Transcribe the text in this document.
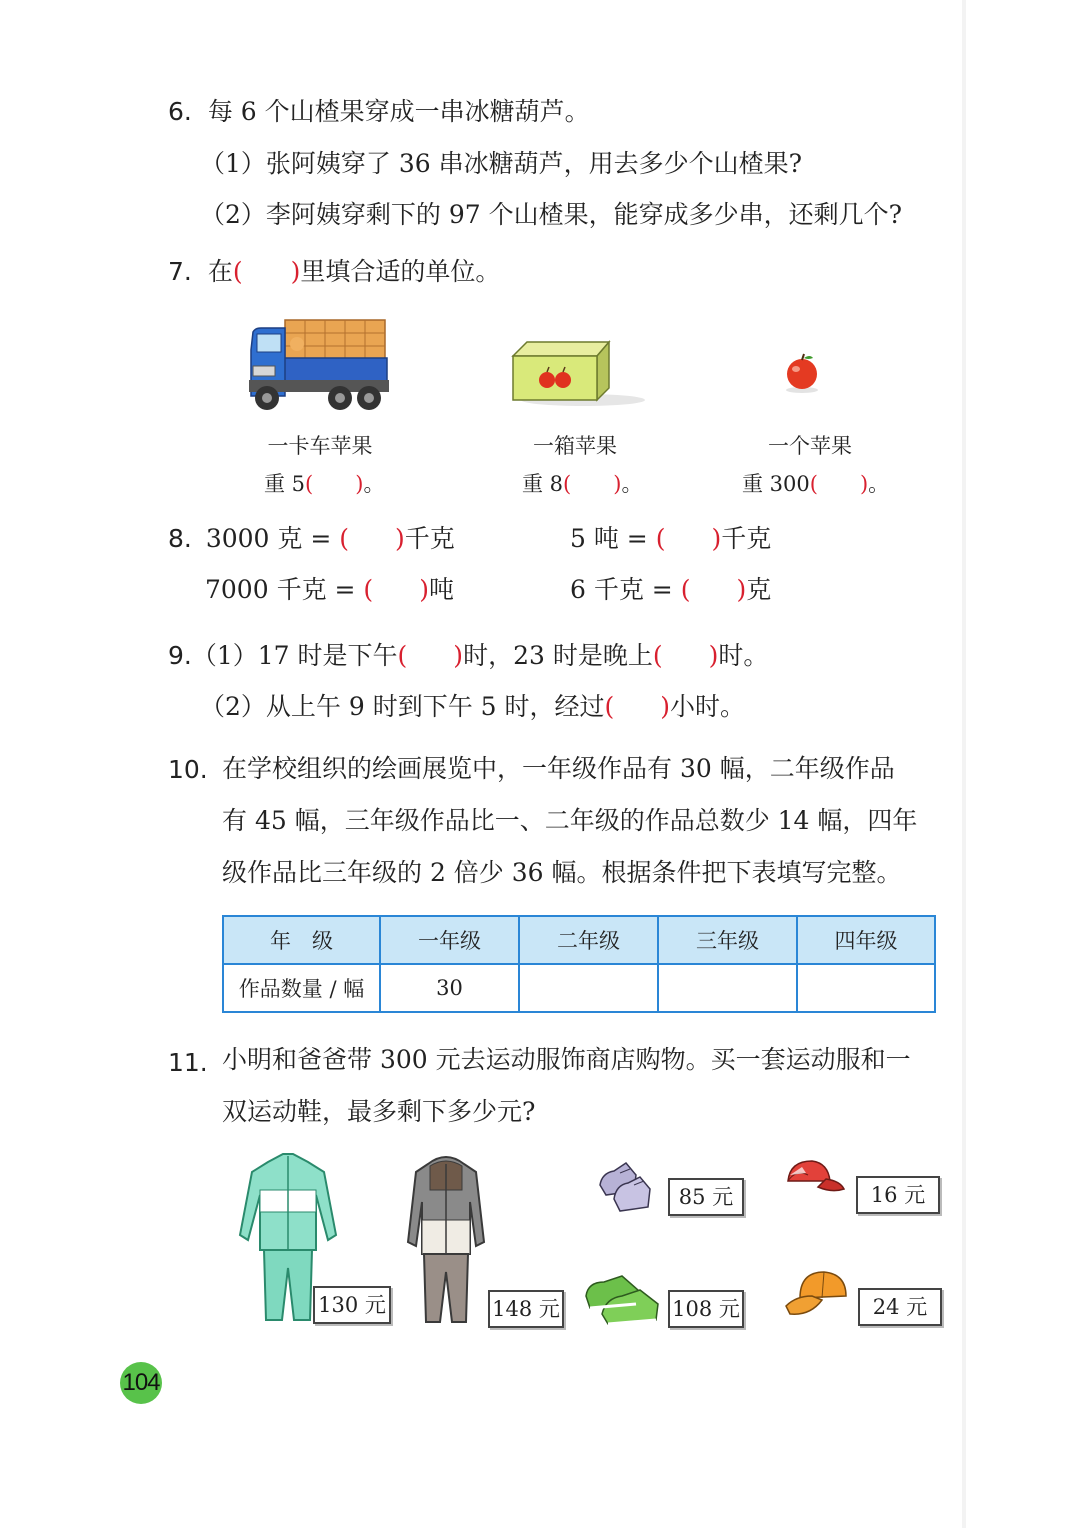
6. 每 6 个山楂果穿成一串冰糖葫芦。
（1）张阿姨穿了 36 串冰糖葫芦，用去多少个山楂果?
（2）李阿姨穿剩下的 97 个山楂果，能穿成多少串，还剩几个?
7. 在( )里填合适的单位。
一卡车苹果
重 5( )。
一箱苹果
重 8( )。
一个苹果
重 300( )。
8. 3000 克 = ( )千克	5 吨 = ( )千克
7000 千克 = ( )吨	6 千克 = ( )克
9.（1）17 时是下午( )时，23 时是晚上( )时。
（2）从上午 9 时到下午 5 时，经过( )小时。
10. 在学校组织的绘画展览中，一年级作品有 30 幅，二年级作品
有 45 幅，三年级作品比一、二年级的作品总数少 14 幅，四年
级作品比三年级的 2 倍少 36 幅。根据条件把下表填写完整。
年　级	一年级	二年级	三年级	四年级
作品数量 / 幅	30			
11. 小明和爸爸带 300 元去运动服饰商店购物。买一套运动服和一
双运动鞋，最多剩下多少元?
130 元	148 元
85 元
108 元
16 元
24 元
104
